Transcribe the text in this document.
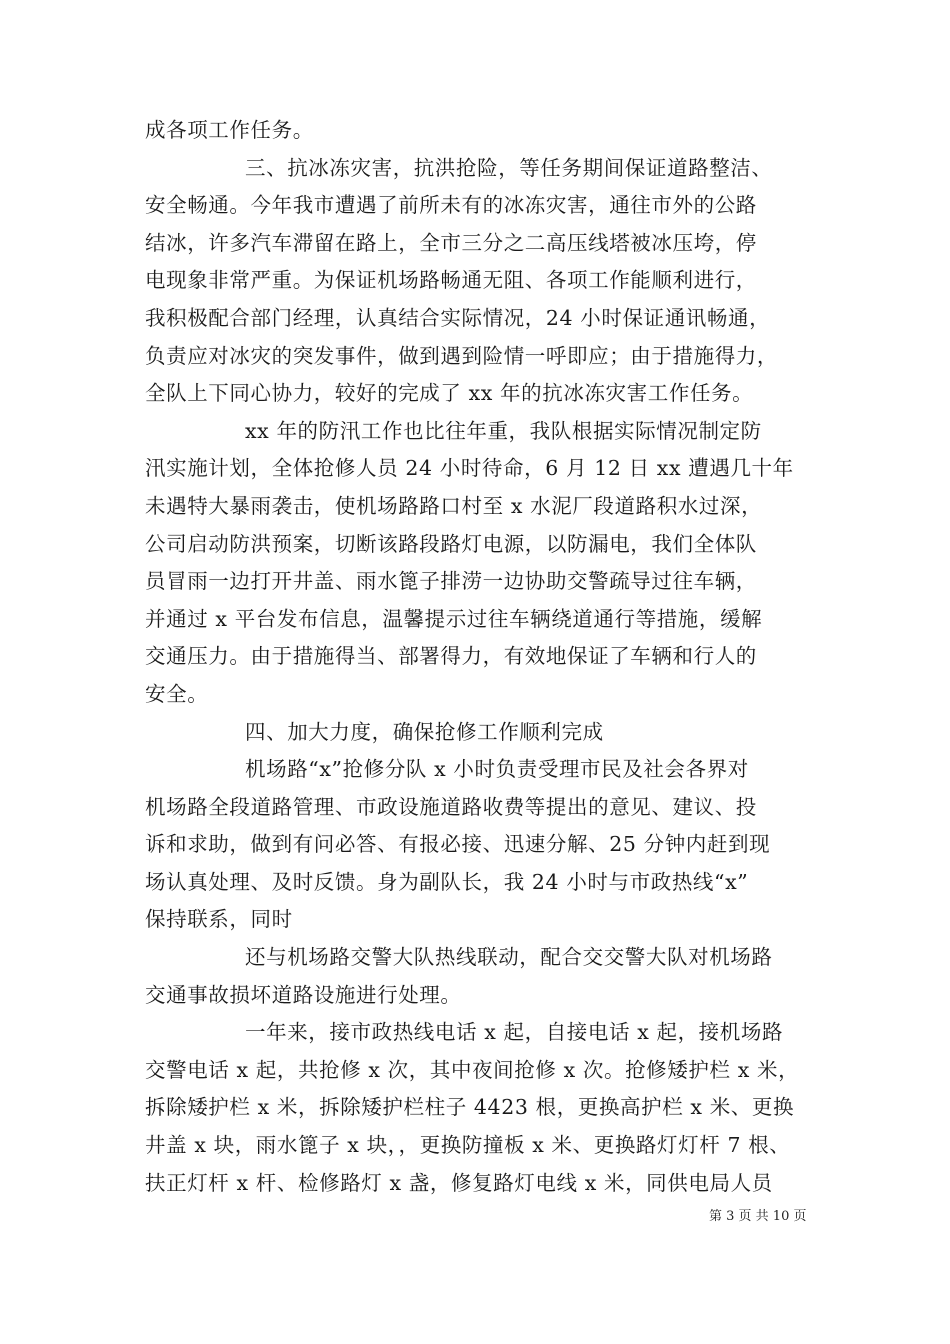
成各项工作任务。
三、抗冰冻灾害，抗洪抢险，等任务期间保证道路整洁、
安全畅通。今年我市遭遇了前所未有的冰冻灾害，通往市外的公路
结冰，许多汽车滞留在路上，全市三分之二高压线塔被冰压垮，停
电现象非常严重。为保证机场路畅通无阻、各项工作能顺利进行，
我积极配合部门经理，认真结合实际情况，24 小时保证通讯畅通，
负责应对冰灾的突发事件，做到遇到险情一呼即应；由于措施得力，
全队上下同心协力，较好的完成了 xx 年的抗冰冻灾害工作任务。
xx 年的防汛工作也比往年重，我队根据实际情况制定防
汛实施计划，全体抢修人员 24 小时待命，6 月 12 日 xx 遭遇几十年
未遇特大暴雨袭击，使机场路路口村至 x 水泥厂段道路积水过深，
公司启动防洪预案，切断该路段路灯电源，以防漏电，我们全体队
员冒雨一边打开井盖、雨水篦子排涝一边协助交警疏导过往车辆，
并通过 x 平台发布信息，温馨提示过往车辆绕道通行等措施，缓解
交通压力。由于措施得当、部署得力，有效地保证了车辆和行人的
安全。
四、加大力度，确保抢修工作顺利完成
机场路“x”抢修分队 x 小时负责受理市民及社会各界对
机场路全段道路管理、市政设施道路收费等提出的意见、建议、投
诉和求助，做到有问必答、有报必接、迅速分解、25 分钟内赶到现
场认真处理、及时反馈。身为副队长，我 24 小时与市政热线“x”
保持联系，同时
还与机场路交警大队热线联动，配合交交警大队对机场路
交通事故损坏道路设施进行处理。
一年来，接市政热线电话 x 起，自接电话 x 起，接机场路
交警电话 x 起，共抢修 x 次，其中夜间抢修 x 次。抢修矮护栏 x 米，
拆除矮护栏 x 米，拆除矮护栏柱子 4423 根，更换高护栏 x 米、更换
井盖 x 块，雨水篦子 x 块，，更换防撞板 x 米、更换路灯灯杆 7 根、
扶正灯杆 x 杆、检修路灯 x 盏，修复路灯电线 x 米，同供电局人员
第 3 页 共 10 页
